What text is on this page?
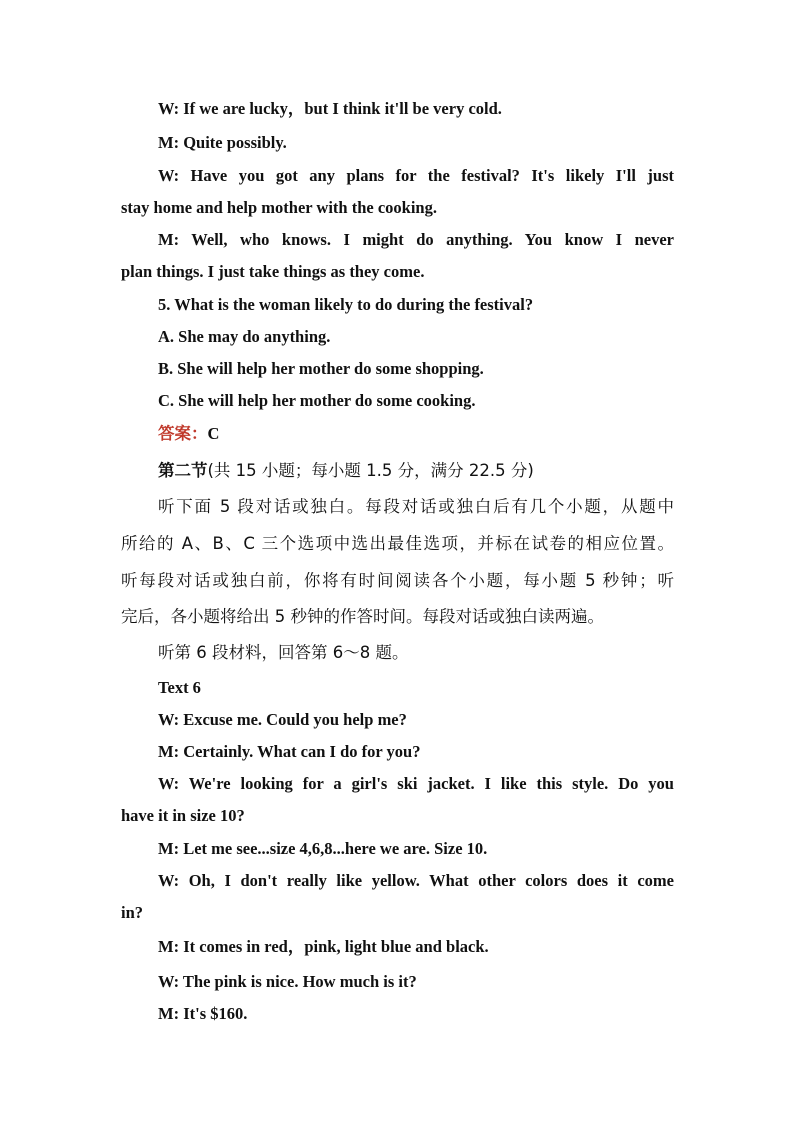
W: If we are lucky，but I think it'll be very cold.
M: Quite possibly.
W: Have you got any plans for the festival? It's likely I'll just
stay home and help mother with the cooking.
M: Well, who knows. I might do anything. You know I never
plan things. I just take things as they come.
5. What is the woman likely to do during the festival?
A. She may do anything.
B. She will help her mother do some shopping.
C. She will help her mother do some cooking.
答案：C
第二节(共 15 小题；每小题 1.5 分，满分 22.5 分)
听下面 5 段对话或独白。每段对话或独白后有几个小题，从题中
所给的 A、B、C 三个选项中选出最佳选项，并标在试卷的相应位置。
听每段对话或独白前，你将有时间阅读各个小题，每小题 5 秒钟；听
完后，各小题将给出 5 秒钟的作答时间。每段对话或独白读两遍。
听第 6 段材料，回答第 6～8 题。
Text 6
W: Excuse me. Could you help me?
M: Certainly. What can I do for you?
W: We're looking for a girl's ski jacket. I like this style. Do you
have it in size 10?
M: Let me see...size 4,6,8...here we are. Size 10.
W: Oh, I don't really like yellow. What other colors does it come
in?
M: It comes in red，pink, light blue and black.
W: The pink is nice. How much is it?
M: It's $160.
